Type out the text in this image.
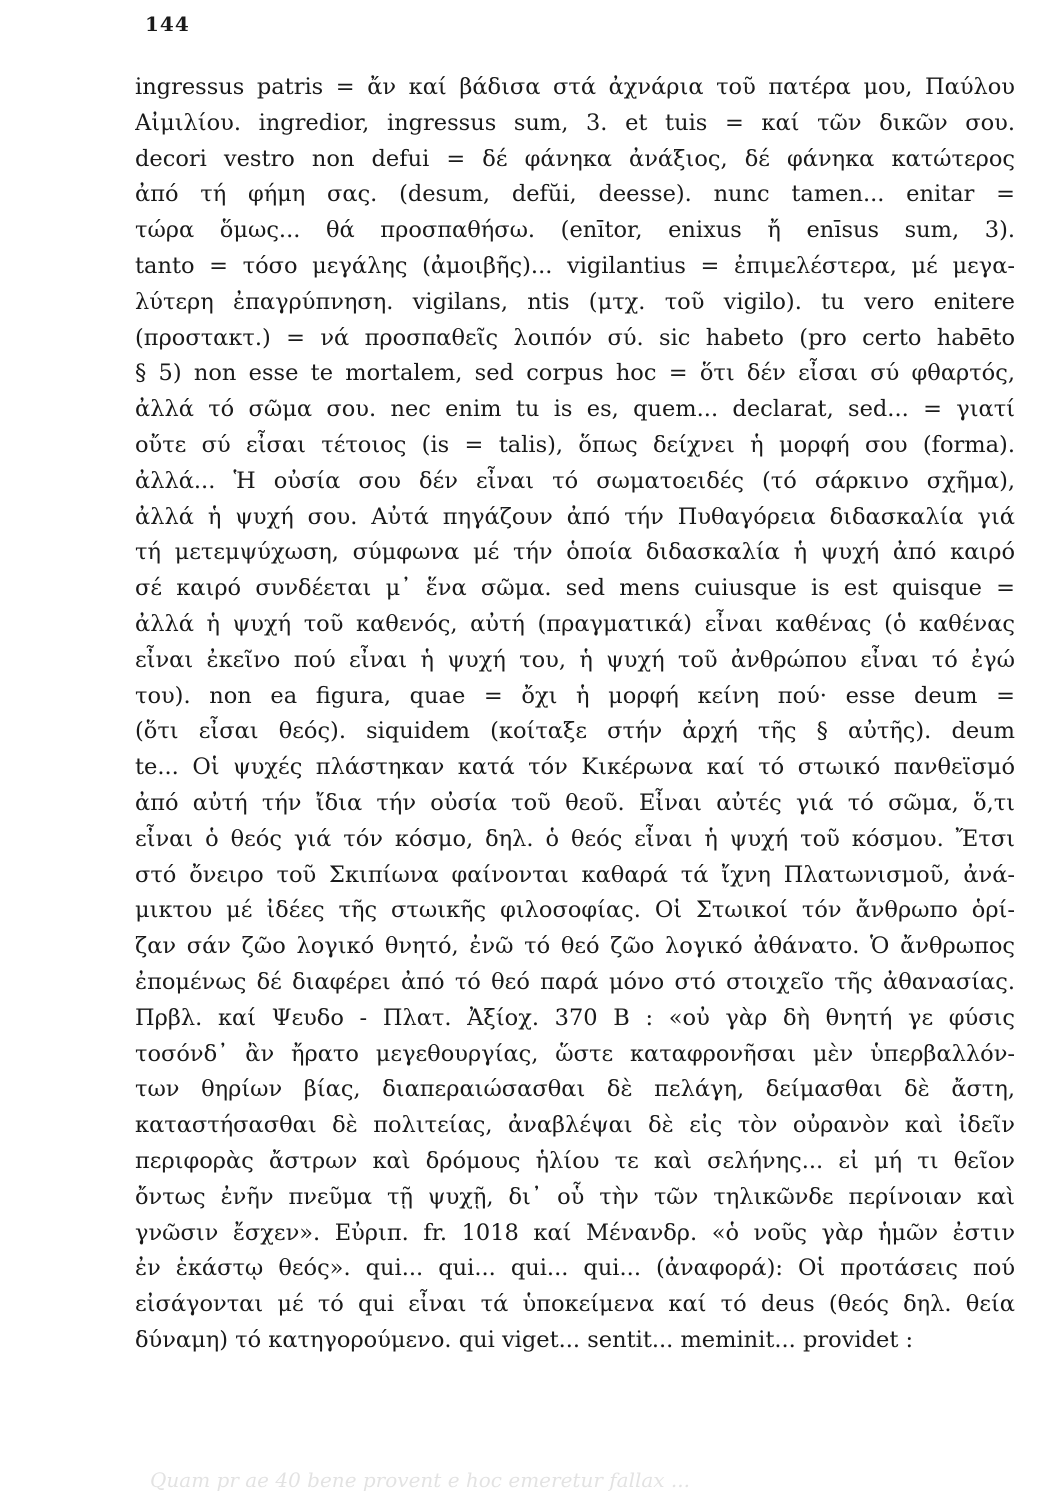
144
ingressus patris = ἄν καί βάδισα στά ἀχνάρια τοῦ πατέρα μου, Παύλου
Αἰμιλίου. ingredior, ingressus sum, 3. et tuis = καί τῶν δικῶν σου.
decori vestro non defui = δέ φάνηκα ἀνάξιος, δέ φάνηκα κατώτερος
ἀπό τή φήμη σας. (desum, defŭi, deesse). nunc tamen... enitar =
τώρα ὅμως... θά προσπαθήσω. (enītor, enixus ἤ enīsus sum, 3).
tanto = τόσο μεγάλης (ἀμοιβῆς)... vigilantius = ἐπιμελέστερα, μέ μεγα-
λύτερη ἐπαγρύπνηση. vigilans, ntis (μτχ. τοῦ vigilo). tu vero enitere
(προστακτ.) = νά προσπαθεῖς λοιπόν σύ. sic habeto (pro certo habēto
§ 5) non esse te mortalem, sed corpus hoc = ὅτι δέν εἶσαι σύ φθαρτός,
ἀλλά τό σῶμα σου. nec enim tu is es, quem... declarat, sed... = γιατί
οὔτε σύ εἶσαι τέτοιος (is = talis), ὅπως δείχνει ἡ μορφή σου (forma).
ἀλλά... Ἡ οὐσία σου δέν εἶναι τό σωματοειδές (τό σάρκινο σχῆμα),
ἀλλά ἡ ψυχή σου. Αὐτά πηγάζουν ἀπό τήν Πυθαγόρεια διδασκαλία γιά
τή μετεμψύχωση, σύμφωνα μέ τήν ὁποία διδασκαλία ἡ ψυχή ἀπό καιρό
σέ καιρό συνδέεται μ᾽ ἕνα σῶμα. sed mens cuiusque is est quisque =
ἀλλά ἡ ψυχή τοῦ καθενός, αὐτή (πραγματικά) εἶναι καθένας (ὁ καθένας
εἶναι ἐκεῖνο πού εἶναι ἡ ψυχή του, ἡ ψυχή τοῦ ἀνθρώπου εἶναι τό ἐγώ
του). non ea figura, quae = ὄχι ἡ μορφή κείνη πού· esse deum =
(ὅτι εἶσαι θεός). siquidem (κοίταξε στήν ἀρχή τῆς § αὐτῆς). deum
te... Οἱ ψυχές πλάστηκαν κατά τόν Κικέρωνα καί τό στωικό πανθεϊσμό
ἀπό αὐτή τήν ἴδια τήν οὐσία τοῦ θεοῦ. Εἶναι αὐτές γιά τό σῶμα, ὅ,τι
εἶναι ὁ θεός γιά τόν κόσμο, δηλ. ὁ θεός εἶναι ἡ ψυχή τοῦ κόσμου. Ἔτσι
στό ὄνειρο τοῦ Σκιπίωνα φαίνονται καθαρά τά ἴχνη Πλατωνισμοῦ, ἀνά-
μικτου μέ ἰδέες τῆς στωικῆς φιλοσοφίας. Οἱ Στωικοί τόν ἄνθρωπο ὁρί-
ζαν σάν ζῶο λογικό θνητό, ἐνῶ τό θεό ζῶο λογικό ἀθάνατο. Ὁ ἄνθρωπος
ἐπομένως δέ διαφέρει ἀπό τό θεό παρά μόνο στό στοιχεῖο τῆς ἀθανασίας.
Πρβλ. καί Ψευδο - Πλατ. Ἀξίοχ. 370 B : «οὐ γὰρ δὴ θνητή γε φύσις
τοσόνδ᾽ ἂν ἤρατο μεγεθουργίας, ὥστε καταφρονῆσαι μὲν ὑπερβαλλόν-
των θηρίων βίας, διαπεραιώσασθαι δὲ πελάγη, δείμασθαι δὲ ἄστη,
καταστήσασθαι δὲ πολιτείας, ἀναβλέψαι δὲ εἰς τὸν οὐρανὸν καὶ ἰδεῖν
περιφορὰς ἄστρων καὶ δρόμους ἡλίου τε καὶ σελήνης... εἰ μή τι θεῖον
ὄντως ἐνῆν πνεῦμα τῇ ψυχῇ, δι᾽ οὗ τὴν τῶν τηλικῶνδε περίνοιαν καὶ
γνῶσιν ἔσχεν». Εὐριπ. fr. 1018 καί Μένανδρ. «ὁ νοῦς γὰρ ἡμῶν ἐστιν
ἐν ἑκάστῳ θεός». qui... qui... qui... qui... (ἀναφορά): Οἱ προτάσεις πού
εἰσάγονται μέ τό qui εἶναι τά ὑποκείμενα καί τό deus (θεός δηλ. θεία
δύναμη) τό κατηγορούμενο. qui viget... sentit... meminit... providet :
Quam pr ae 40 bene provent e hoc emeretur fallax ...
